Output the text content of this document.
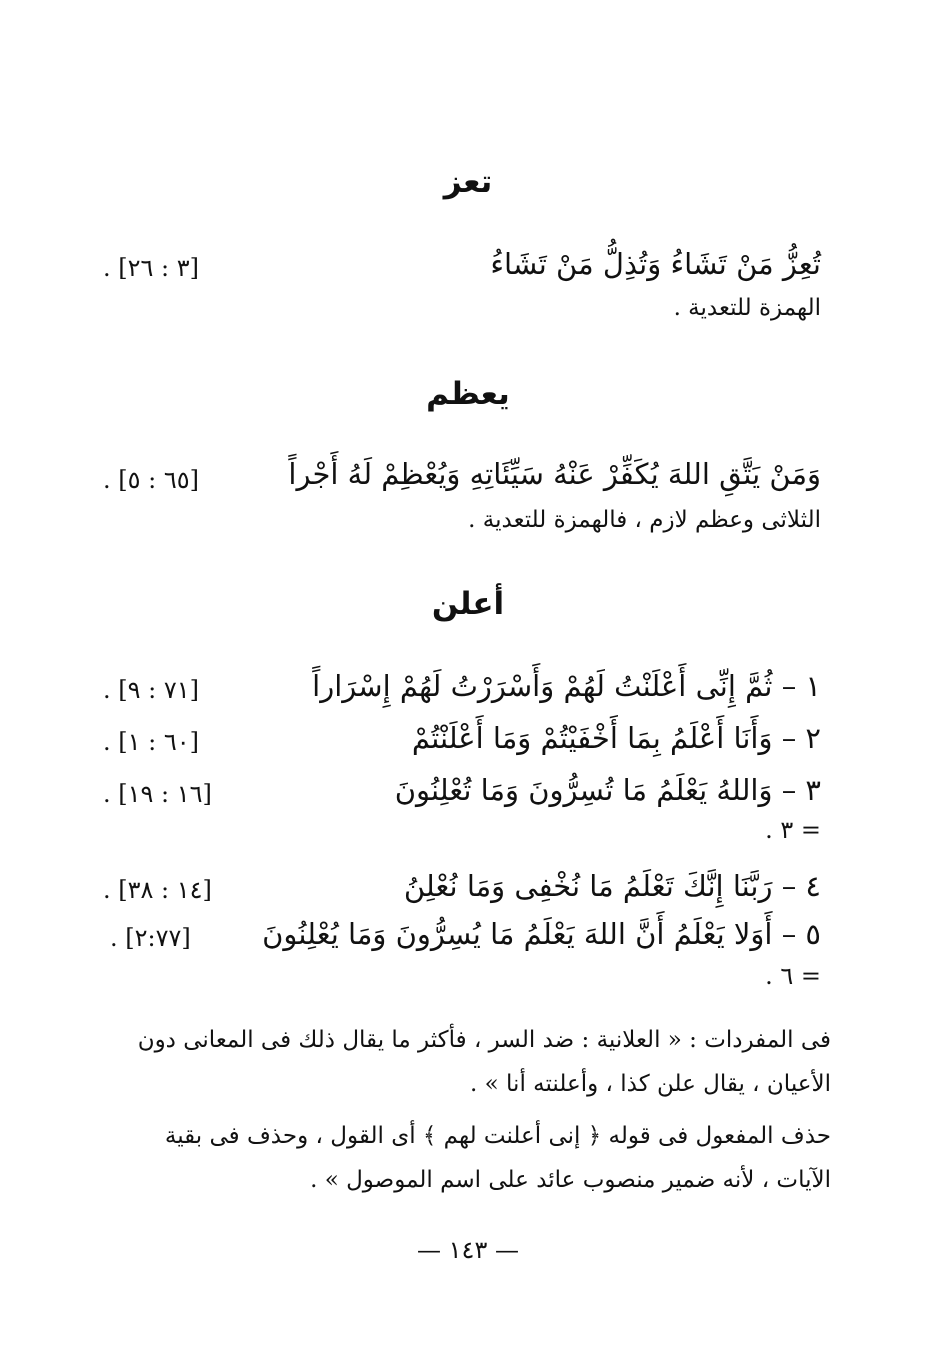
تعز
تُعِزُّ مَنْ تَشَاءُ وَتُذِلُّ مَنْ تَشَاءُ
. [٣ : ٢٦]
الهمزة للتعدية .
يعظم
وَمَنْ يَتَّقِ اللهَ يُكَفِّرْ عَنْهُ سَيِّئَاتِهِ وَيُعْظِمْ لَهُ أَجْراً
. [٦٥ : ٥]
الثلاثى وعظم لازم ، فالهمزة للتعدية .
أعلن
١ – ثُمَّ إِنِّى أَعْلَنْتُ لَهُمْ وَأَسْرَرْتُ لَهُمْ إِسْرَاراً
. [٧١ : ٩]
٢ – وَأَنَا أَعْلَمُ بِمَا أَخْفَيْتُمْ وَمَا أَعْلَنْتُمْ
. [٦٠ : ١]
٣ – وَاللهُ يَعْلَمُ مَا تُسِرُّونَ وَمَا تُعْلِنُونَ
. [١٦ : ١٩]
= ٣ .
٤ – رَبَّنَا إِنَّكَ تَعْلَمُ مَا نُخْفِى وَمَا نُعْلِنُ
. [١٤ : ٣٨]
٥ – أَوَلا يَعْلَمُ أَنَّ اللهَ يَعْلَمُ مَا يُسِرُّونَ وَمَا يُعْلِنُونَ
. [٢:٧٧]
= ٦ .
فى المفردات : « العلانية : ضد السر ، فأكثر ما يقال ذلك فى المعانى دون
الأعيان ، يقال علن كذا ، وأعلنته أنا » .
حذف المفعول فى قوله ﴿ إنى أعلنت لهم ﴾ أى القول ، وحذف فى بقية
الآيات ، لأنه ضمير منصوب عائد على اسم الموصول » .
— ١٤٣ —
